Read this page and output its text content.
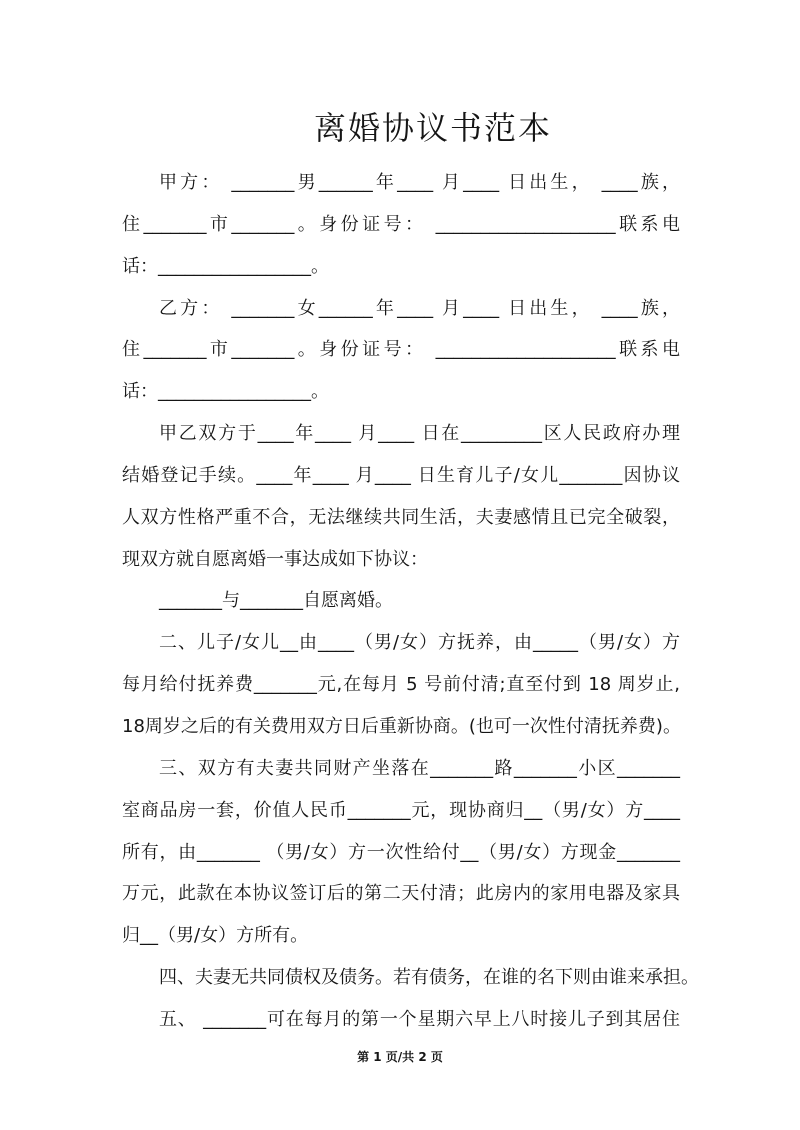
离婚协议书范本
甲方： _______男______年____ 月____ 日出生， ____族，
住_______市_______。身份证号： ____________________联系电
话：_________________。
乙方： _______女______年____ 月____ 日出生， ____族，
住_______市_______。身份证号： ____________________联系电
话：_________________。
甲乙双方于____年____ 月____ 日在_________区人民政府办理
结婚登记手续。____年____ 月____ 日生育儿子/女儿_______因协议
人双方性格严重不合，无法继续共同生活，夫妻感情且已完全破裂，
现双方就自愿离婚一事达成如下协议：
_______与_______自愿离婚。
二、儿子/女儿__由____（男/女）方抚养，由_____（男/女）方
每月给付抚养费_______元,在每月 5 号前付清;直至付到 18 周岁止,
18周岁之后的有关费用双方日后重新协商。(也可一次性付清抚养费)。
三、双方有夫妻共同财产坐落在_______路_______小区_______
室商品房一套，价值人民币_______元，现协商归__（男/女）方____
所有，由_______ （男/女）方一次性给付__（男/女）方现金_______
万元，此款在本协议签订后的第二天付清；此房内的家用电器及家具
归__（男/女）方所有。
四、夫妻无共同债权及债务。若有债务，在谁的名下则由谁来承担。
五、 _______可在每月的第一个星期六早上八时接儿子到其居住
第 1 页/共 2 页
